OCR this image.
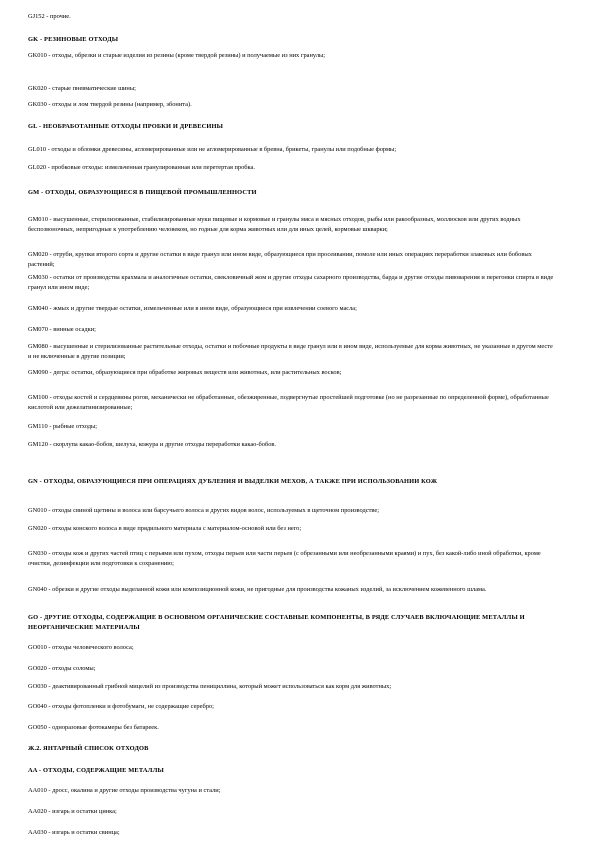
GJ152 - прочие.

GK - РЕЗИНОВЫЕ ОТХОДЫ

GK010 - отходы, обрезки и старые изделия из резины (кроме твердой резины) и получаемые из них гранулы;

GK020 - старые пневматические шины;

GK030 - отходы и лом твердой резины (например, эбонита).

GL - НЕОБРАБОТАННЫЕ ОТХОДЫ ПРОБКИ И ДРЕВЕСИНЫ

GL010 - отходы и обломки древесины, агломерированные или не агломерированные в бревна, брикеты, гранулы или подобные формы;

GL020 - пробковые отходы: измельченная гранулированная или перетертая пробка.

GM - ОТХОДЫ, ОБРАЗУЮЩИЕСЯ В ПИЩЕВОЙ ПРОМЫШЛЕННОСТИ

GM010 - высушенные, стерилизованные, стабилизированные муки пищевые и кормовые и гранулы мяса и мясных отходов, рыбы или ракообразных, моллюсков или других водных беспозвоночных, непригодные к употреблению человеком, но годные для корма животных или для иных целей, кормовые шкварки;

GM020 - отруби, крупки второго сорта и другие остатки в виде гранул или ином виде, образующиеся при просеивании, помоле или иных операциях переработки злаковых или бобовых растений;

GM030 - остатки от производства крахмала и аналогичные остатки, свекловичный жом и другие отходы сахарного производства, барда и другие отходы пивоварения и перегонки спирта в виде гранул или ином виде;

GM040 - жмых и другие твердые остатки, измельченные или в ином виде, образующиеся при извлечении соевого масла;

GM070 - винные осадки;

GM080 - высушенные и стерилизованные растительные отходы, остатки и побочные продукты в виде гранул или в ином виде, используемые для корма животных, не указанные в другом месте и не включенные в другие позиции;

GM090 - дегра: остатки, образующиеся при обработке жировых веществ или животных, или растительных восков;

GM100 - отходы костей и сердцевины рогов, механически не обработанные, обезжиренные, подвергнутые простейшей подготовке (но не разрезанные по определенной форме), обработанные кислотой или дежелатинизированные;

GM110 - рыбные отходы;

GM120 - скорлупа какао-бобов, шелуха, кожура и другие отходы переработки какао-бобов.

GN - ОТХОДЫ, ОБРАЗУЮЩИЕСЯ ПРИ ОПЕРАЦИЯХ ДУБЛЕНИЯ И ВЫДЕЛКИ МЕХОВ, А ТАКЖЕ ПРИ ИСПОЛЬЗОВАНИИ КОЖ

GN010 - отходы свиной щетины и волоса или барсучьего волоса и других видов волос, используемых в щеточном производстве;

GN020 - отходы конского волоса в виде прядильного материала с материалом-основой или без него;

GN030 - отходы кож и других частей птиц с перьями или пухом, отходы перьев или части перьев (с обрезанными или необрезанными краями) и пух, без какой-либо иной обработки, кроме очистки, дезинфекции или подготовки к сохранению;

GN040 - обрезки и другие отходы выделанной кожи или композиционной кожи, не пригодные для производства кожаных изделий, за исключением кожевенного шлама.

GO - ДРУГИЕ ОТХОДЫ, СОДЕРЖАЩИЕ В ОСНОВНОМ ОРГАНИЧЕСКИЕ СОСТАВНЫЕ КОМПОНЕНТЫ, В РЯДЕ СЛУЧАЕВ ВКЛЮЧАЮЩИЕ МЕТАЛЛЫ И НЕОРГАНИЧЕСКИЕ МАТЕРИАЛЫ

GO010 - отходы человеческого волоса;

GO020 - отходы соломы;

GO030 - деактивированный грибной мицелий из производства пенициллина, который может использоваться как корм для животных;

GO040 - отходы фотопленки и фотобумаги, не содержащие серебро;

GO050 - одноразовые фотокамеры без батареек.

Ж.2. ЯНТАРНЫЙ СПИСОК ОТХОДОВ

AA - ОТХОДЫ, СОДЕРЖАЩИЕ МЕТАЛЛЫ

AA010 - дросс, окалина и другие отходы производства чугуна и стали;

AA020 - изгарь и остатки цинка;

AA030 - изгарь и остатки свинца;
